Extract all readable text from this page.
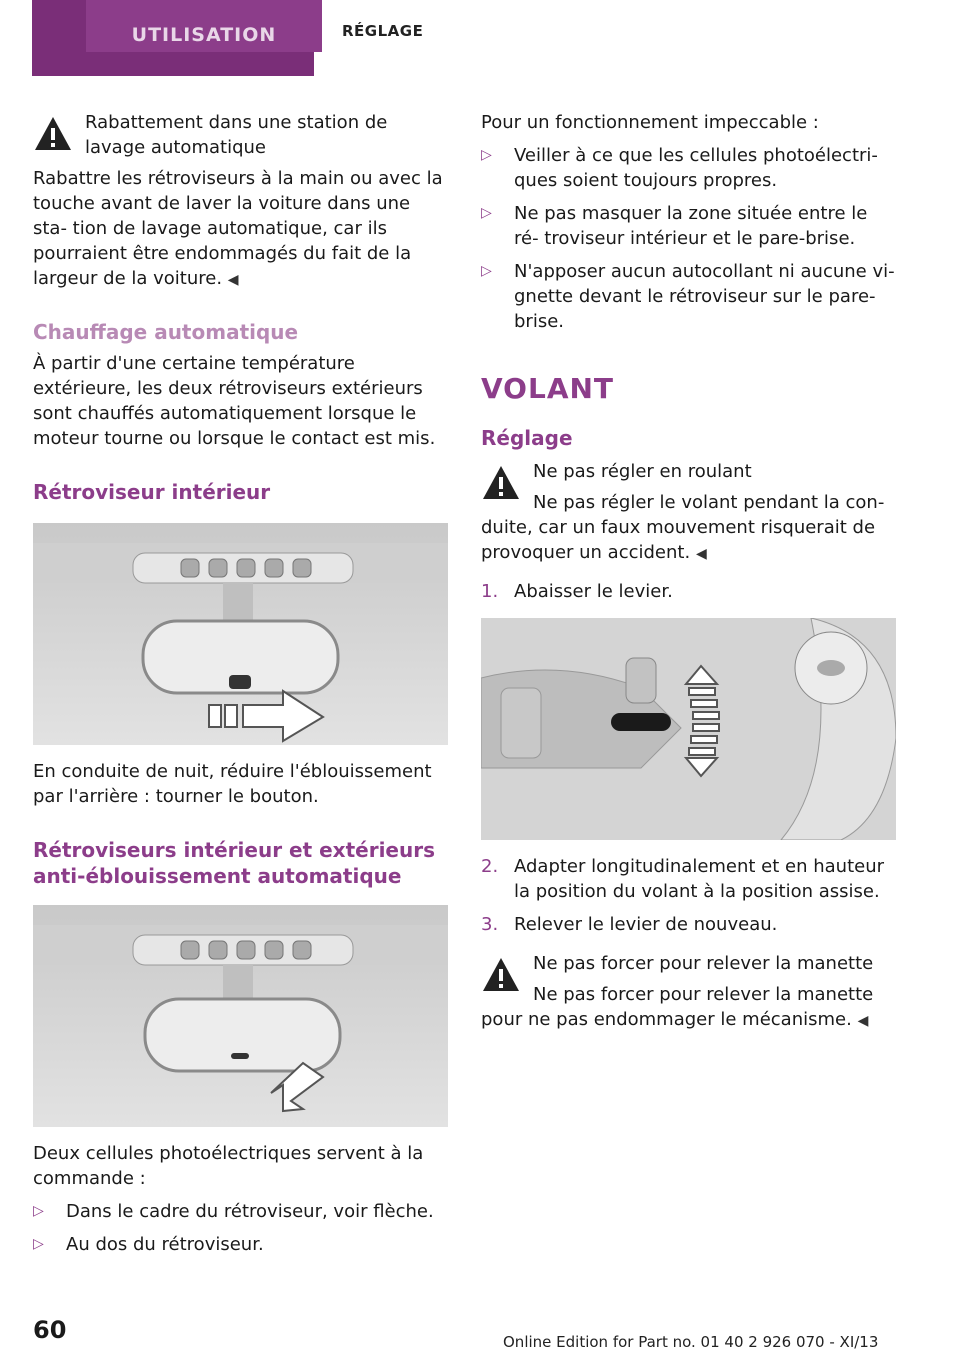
UTILISATION	RÉGLAGE

Rabattement dans une station de lavage automatique

Rabattre les rétroviseurs à la main ou avec la touche avant de laver la voiture dans une sta- tion de lavage automatique, car ils pourraient être endommagés du fait de la largeur de la voiture. ◀

Chauffage automatique

À partir d'une certaine température extérieure, les deux rétroviseurs extérieurs sont chauffés automatiquement lorsque le moteur tourne ou lorsque le contact est mis.

Rétroviseur intérieur

En conduite de nuit, réduire l'éblouissement par l'arrière : tourner le bouton.

Rétroviseurs intérieur et extérieurs anti-éblouissement automatique

Deux cellules photoélectriques servent à la commande :

▷ Dans le cadre du rétroviseur, voir flèche.
▷ Au dos du rétroviseur.

Pour un fonctionnement impeccable :

▷ Veiller à ce que les cellules photoélectri- ques soient toujours propres.
▷ Ne pas masquer la zone située entre le ré- troviseur intérieur et le pare-brise.
▷ N'apposer aucun autocollant ni aucune vi- gnette devant le rétroviseur sur le pare- brise.
VOLANT
Réglage

Ne pas régler en roulant

Ne pas régler le volant pendant la con- duite, car un faux mouvement risquerait de provoquer un accident. ◀

1. Abaisser le levier.
2. Adapter longitudinalement et en hauteur la position du volant à la position assise.
3. Relever le levier de nouveau.

Ne pas forcer pour relever la manette

Ne pas forcer pour relever la manette pour ne pas endommager le mécanisme. ◀

60	Online Edition for Part no. 01 40 2 926 070 - XI/13
